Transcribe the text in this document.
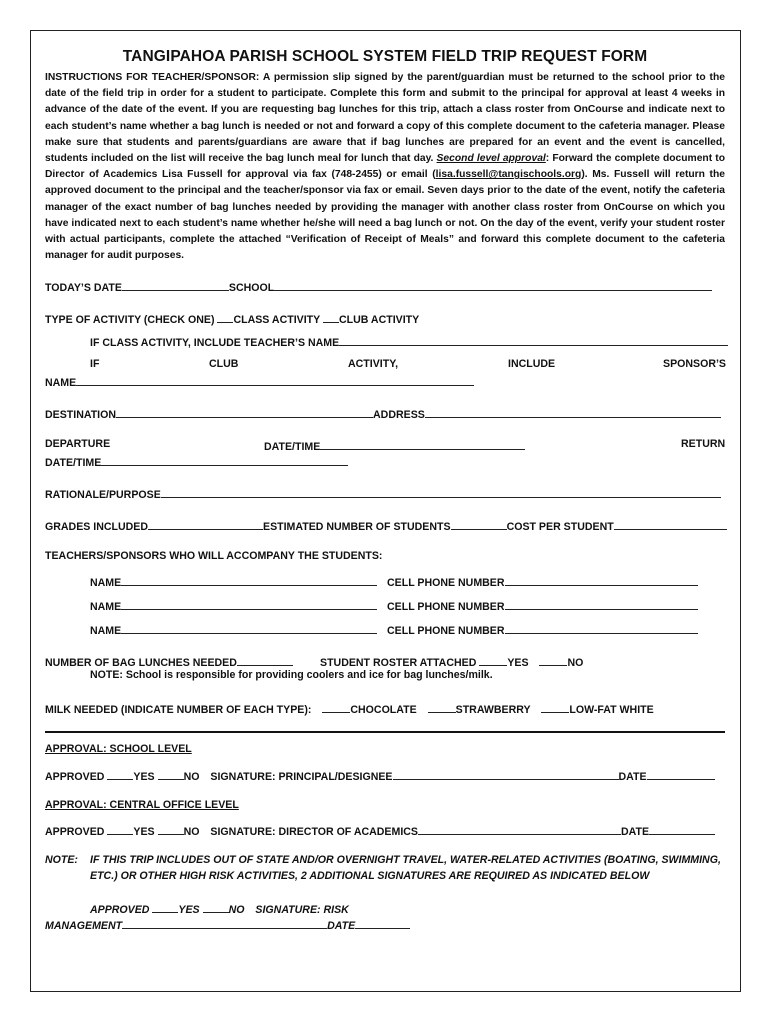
TANGIPAHOA PARISH SCHOOL SYSTEM FIELD TRIP REQUEST FORM
INSTRUCTIONS FOR TEACHER/SPONSOR: A permission slip signed by the parent/guardian must be returned to the school prior to the date of the field trip in order for a student to participate. Complete this form and submit to the principal for approval at least 4 weeks in advance of the date of the event. If you are requesting bag lunches for this trip, attach a class roster from OnCourse and indicate next to each student’s name whether a bag lunch is needed or not and forward a copy of this complete document to the cafeteria manager. Please make sure that students and parents/guardians are aware that if bag lunches are prepared for an event and the event is cancelled, students included on the list will receive the bag lunch meal for lunch that day. Second level approval: Forward the complete document to Director of Academics Lisa Fussell for approval via fax (748-2455) or email (lisa.fussell@tangischools.org). Ms. Fussell will return the approved document to the principal and the teacher/sponsor via fax or email. Seven days prior to the date of the event, notify the cafeteria manager of the exact number of bag lunches needed by providing the manager with another class roster from OnCourse on which you have indicated next to each student’s name whether he/she will need a bag lunch or not. On the day of the event, verify your student roster with actual participants, complete the attached “Verification of Receipt of Meals” and forward this complete document to the cafeteria manager for audit purposes.
TODAY’S DATE	SCHOOL
TYPE OF ACTIVITY (CHECK ONE) CLASS ACTIVITY CLUB ACTIVITY
IF CLASS ACTIVITY, INCLUDE TEACHER’S NAME
IF	CLUB	ACTIVITY,	INCLUDE	SPONSOR’S
NAME
DESTINATION	ADDRESS
DEPARTURE	DATE/TIME	RETURN
DATE/TIME
RATIONALE/PURPOSE
GRADES INCLUDED	ESTIMATED NUMBER OF STUDENTS	COST PER STUDENT
TEACHERS/SPONSORS WHO WILL ACCOMPANY THE STUDENTS:
NAME	CELL PHONE NUMBER
NAME	CELL PHONE NUMBER
NAME	CELL PHONE NUMBER
NUMBER OF BAG LUNCHES NEEDED	STUDENT ROSTER ATTACHED	YES	NO
NOTE: School is responsible for providing coolers and ice for bag lunches/milk.
MILK NEEDED (INDICATE NUMBER OF EACH TYPE):	CHOCOLATE	STRAWBERRY	LOW-FAT WHITE
APPROVAL: SCHOOL LEVEL
APPROVED	YES	NO SIGNATURE: PRINCIPAL/DESIGNEE	DATE
APPROVAL: CENTRAL OFFICE LEVEL
APPROVED	YES	NO SIGNATURE: DIRECTOR OF ACADEMICS	DATE
NOTE: IF THIS TRIP INCLUDES OUT OF STATE AND/OR OVERNIGHT TRAVEL, WATER-RELATED ACTIVITIES (BOATING, SWIMMING,
ETC.) OR OTHER HIGH RISK ACTIVITIES, 2 ADDITIONAL SIGNATURES ARE REQUIRED AS INDICATED BELOW
APPROVED	YES	NO SIGNATURE: RISK
MANAGEMENT	DATE
